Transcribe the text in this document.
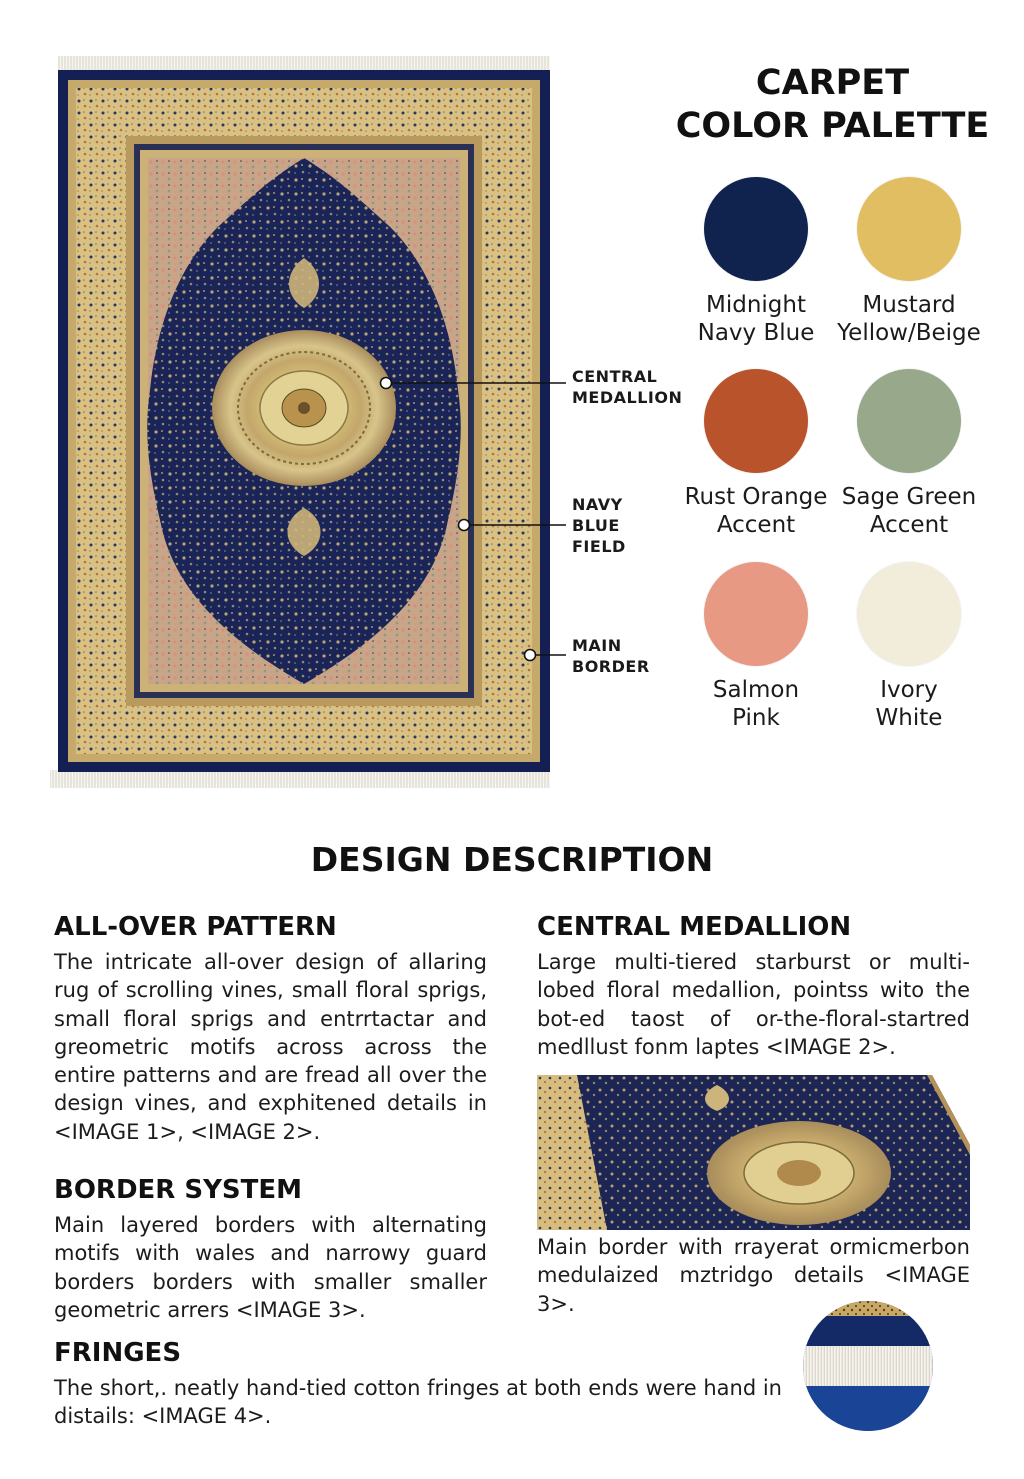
CENTRAL
MEDALLION
NAVY
BLUE
FIELD
MAIN
BORDER
CARPET
COLOR PALETTE
Midnight
Navy Blue
Mustard
Yellow/Beige
Rust Orange
Accent
Sage Green
Accent
Salmon
Pink
Ivory
White
DESIGN DESCRIPTION
ALL-OVER PATTERN
The intricate all-over design of allaring rug of scrolling vines, small floral sprigs, small floral sprigs and entrrtactar and greometric motifs across across the entire patterns and are fread all over the design vines, and exphitened details in <IMAGE 1>, <IMAGE 2>.
CENTRAL MEDALLION
Large multi-tiered starburst or multi-lobed floral medallion, pointss wito the bot-ed taost of or-the-floral-startred medllust fonm laptes <IMAGE 2>.
Main border with rrayerat ormicmerbon medulaized mztridgo details <IMAGE 3>.
BORDER SYSTEM
Main layered borders with alternating motifs with wales and narrowy guard borders borders with smaller smaller geometric arrers <IMAGE 3>.
FRINGES
The short,. neatly hand-tied cotton fringes at both ends were hand in distails: <IMAGE 4>.
